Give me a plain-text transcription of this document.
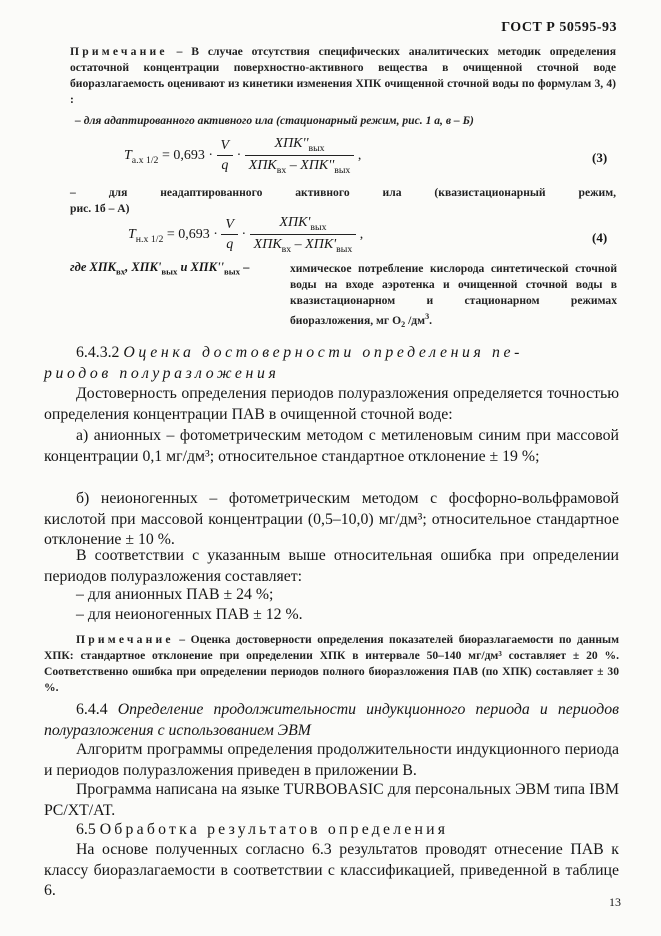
ГОСТ Р 50595-93
Примечание – В случае отсутствия специфических аналитических методик определения остаточной концентрации поверхностно-активного вещества в очищенной сточной воде биоразлагаемость оценивают из кинетики изменения ХПК очищенной сточной воды по формулам 3, 4) :
– для адаптированного активного ила (стационарный режим, рис. 1 а, в – Б)
$T_{a.x 1/2} = 0,693 \cdot \frac{V}{q} \cdot \frac{ХПК''_{вых}}{ХПК_{вх} - ХПК''_{вых}}$ ,	(3)
– для неадаптированного активного ила (квазистационарный режим,
рис. 1б – А)
$T_{н.x 1/2} = 0,693 \cdot \frac{V}{q} \cdot \frac{ХПК'_{вых}}{ХПК_{вх} - ХПК'_{вых}}$ ,	(4)
где $ХПК_{вх}$, $ХПК'_{вых}$ и $ХПК''_{вых}$ –	химическое потребление кислорода синтетической сточной воды на входе аэротенка и очищенной сточной воды в квазистационарном и стационарном режимах биоразложения, мг $О_2$ $/дм^3$.
6.4.3.2 Оценка достоверности определения пе-
риодов полуразложения
Достоверность определения периодов полуразложения определяется точностью определения концентрации ПАВ в очищенной сточной воде:
а) анионных – фотометрическим методом с метиленовым синим при массовой концентрации 0,1 мг/дм³; относительное стандартное отклонение ± 19 %;
б) неионогенных – фотометрическим методом с фосфорно-вольфрамовой кислотой при массовой концентрации (0,5–10,0) мг/дм³; относительное стандартное отклонение ± 10 %.
В соответствии с указанным выше относительная ошибка при определении периодов полуразложения составляет:
– для анионных ПАВ ± 24 %;
– для неионогенных ПАВ ± 12 %.
Примечание – Оценка достоверности определения показателей биоразлагаемости по данным ХПК: стандартное отклонение при определении ХПК в интервале 50–140 мг/дм³ составляет ± 20 %. Соответственно ошибка при определении периодов полного биоразложения ПАВ (по ХПК) составляет ± 30 %.
6.4.4 Определение продолжительности индукционного периода и периодов полуразложения с использованием ЭВМ
Алгоритм программы определения продолжительности индукционного периода и периодов полуразложения приведен в приложении В.
Программа написана на языке TURBOBASIC для персональных ЭВМ типа IBM PC/XT/AT.
6.5 Обработка результатов определения
На основе полученных согласно 6.3 результатов проводят отнесение ПАВ к классу биоразлагаемости в соответствии с классификацией, приведенной в таблице 6.
13
